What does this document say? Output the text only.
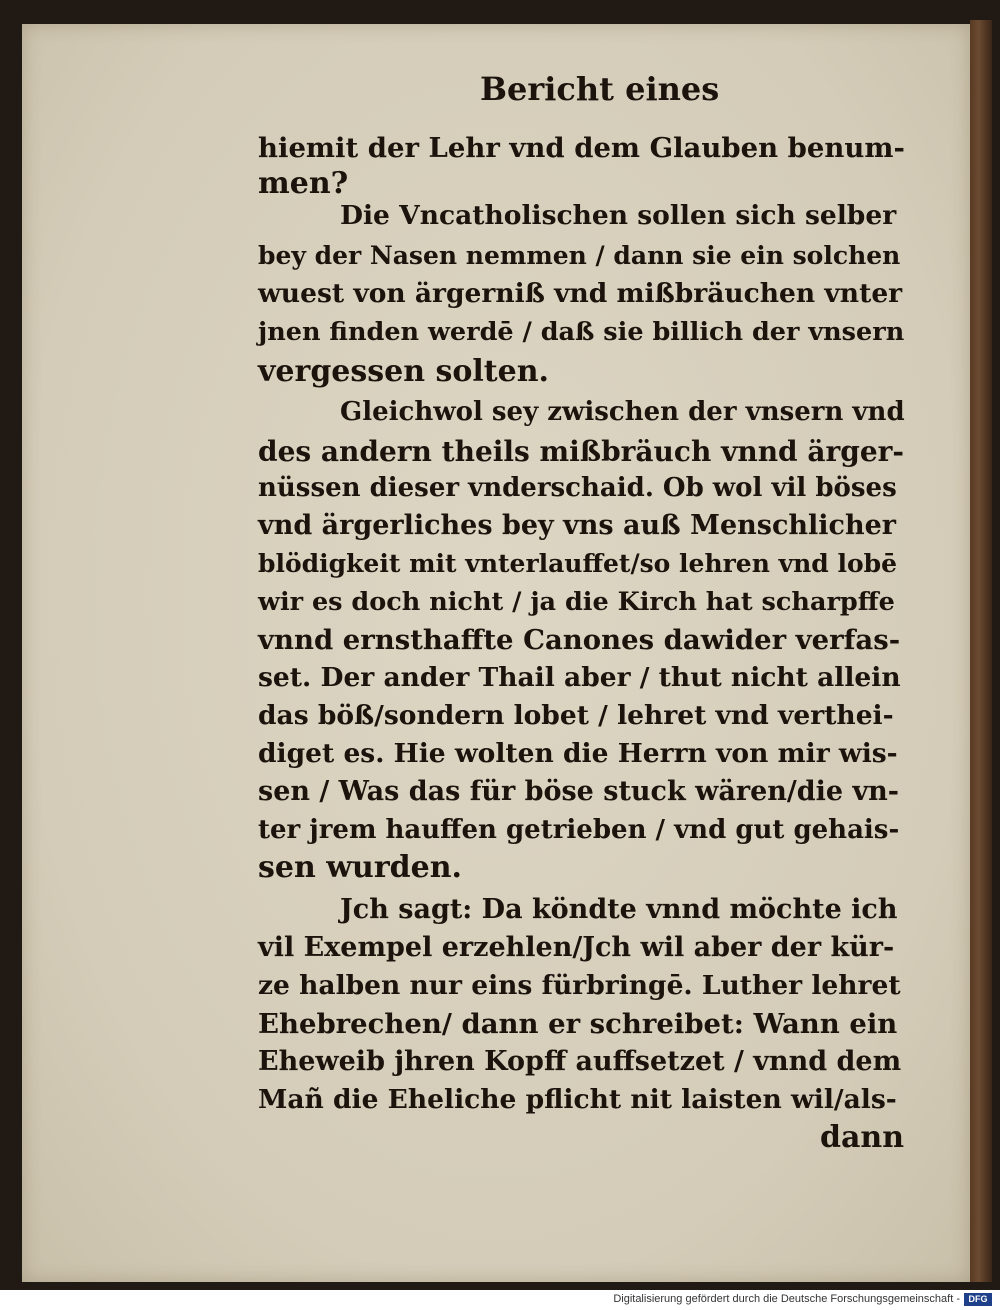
Bericht eines
hiemit der Lehr vnd dem Glauben benum-
men?
Die Vncatholischen sollen sich selber
bey der Nasen nemmen / dann sie ein solchen
wuest von ärgerniß vnd mißbräuchen vnter
jnen finden werdē / daß sie billich der vnsern
vergessen solten.
Gleichwol sey zwischen der vnsern vnd
des andern theils mißbräuch vnnd ärger-
nüssen dieser vnderschaid. Ob wol vil böses
vnd ärgerliches bey vns auß Menschlicher
blödigkeit mit vnterlauffet/so lehren vnd lobē
wir es doch nicht / ja die Kirch hat scharpffe
vnnd ernsthaffte Canones dawider verfas-
set. Der ander Thail aber / thut nicht allein
das böß/sondern lobet / lehret vnd verthei-
diget es. Hie wolten die Herrn von mir wis-
sen / Was das für böse stuck wären/die vn-
ter jrem hauffen getrieben / vnd gut gehais-
sen wurden.
Jch sagt: Da köndte vnnd möchte ich
vil Exempel erzehlen/Jch wil aber der kür-
ze halben nur eins fürbringē. Luther lehret
Ehebrechen/ dann er schreibet: Wann ein
Eheweib jhren Kopff auffsetzet / vnnd dem
Mañ die Eheliche pflicht nit laisten wil/als-
dann
Digitalisierung gefördert durch die Deutsche Forschungsgemeinschaft - DFG
